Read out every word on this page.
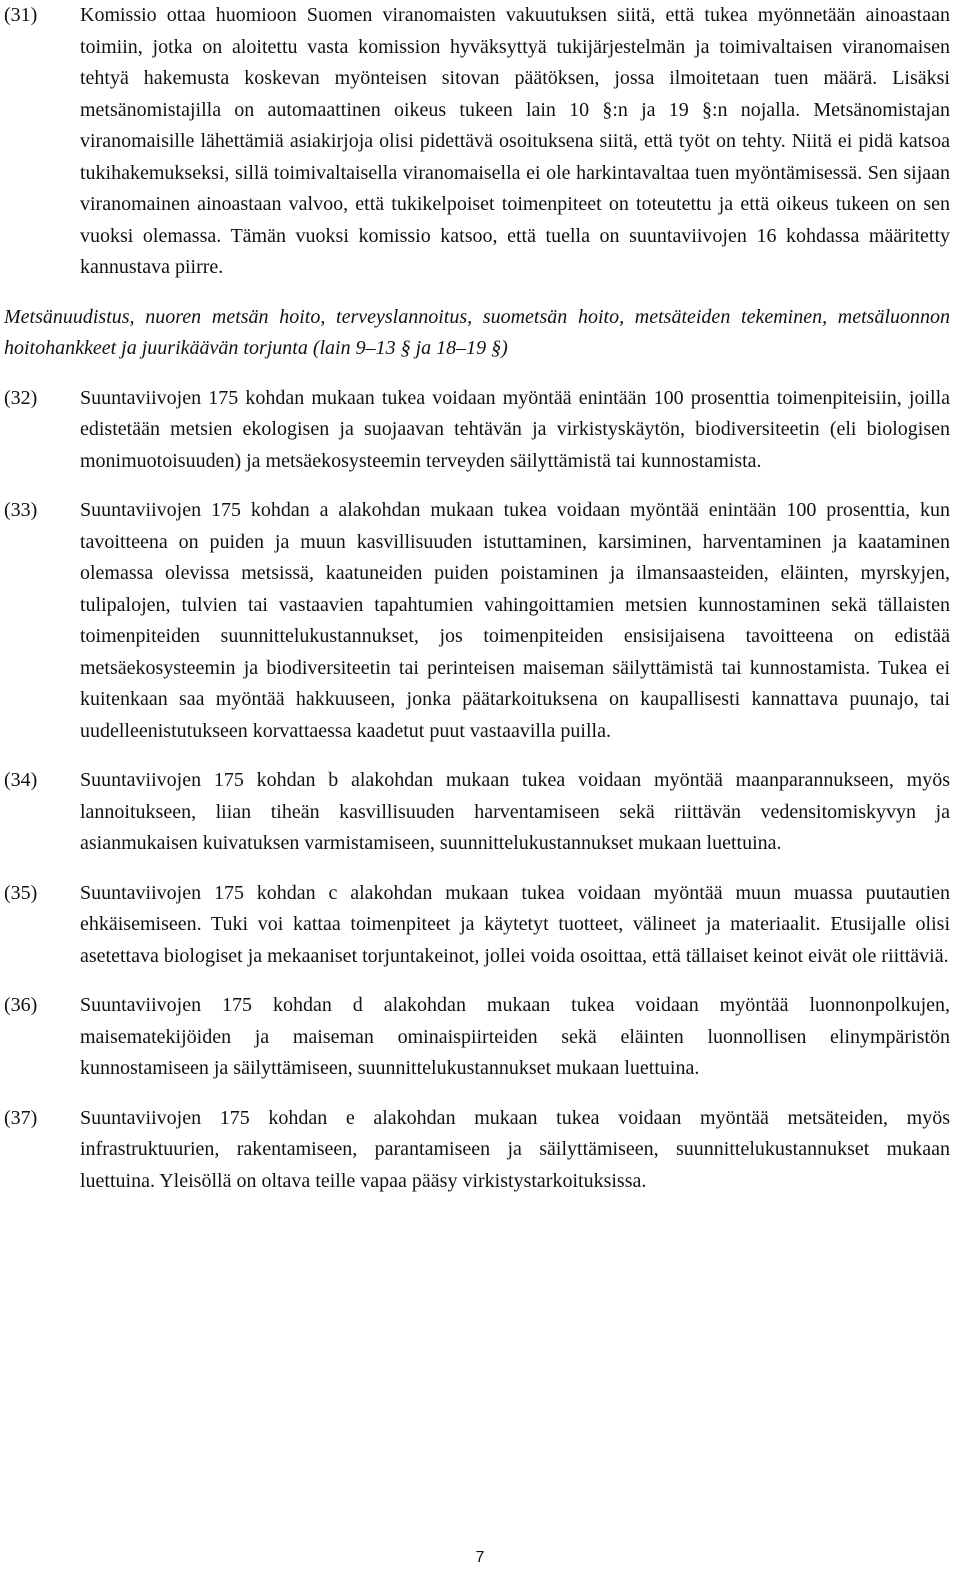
(31)	Komissio ottaa huomioon Suomen viranomaisten vakuutuksen siitä, että tukea myönnetään ainoastaan toimiin, jotka on aloitettu vasta komission hyväksyttyä tukijärjestelmän ja toimivaltaisen viranomaisen tehtyä hakemusta koskevan myönteisen sitovan päätöksen, jossa ilmoitetaan tuen määrä. Lisäksi metsänomistajilla on automaattinen oikeus tukeen lain 10 §:n ja 19 §:n nojalla. Metsänomistajan viranomaisille lähettämiä asiakirjoja olisi pidettävä osoituksena siitä, että työt on tehty. Niitä ei pidä katsoa tukihakemukseksi, sillä toimivaltaisella viranomaisella ei ole harkintavaltaa tuen myöntämisessä. Sen sijaan viranomainen ainoastaan valvoo, että tukikelpoiset toimenpiteet on toteutettu ja että oikeus tukeen on sen vuoksi olemassa. Tämän vuoksi komissio katsoo, että tuella on suuntaviivojen 16 kohdassa määritetty kannustava piirre.

Metsänuudistus, nuoren metsän hoito, terveyslannoitus, suometsän hoito, metsäteiden tekeminen, metsäluonnon hoitohankkeet ja juurikäävän torjunta (lain 9–13 § ja 18–19 §)

(32)	Suuntaviivojen 175 kohdan mukaan tukea voidaan myöntää enintään 100 prosenttia toimenpiteisiin, joilla edistetään metsien ekologisen ja suojaavan tehtävän ja virkistyskäytön, biodiversiteetin (eli biologisen monimuotoisuuden) ja metsäekosysteemin terveyden säilyttämistä tai kunnostamista.

(33)	Suuntaviivojen 175 kohdan a alakohdan mukaan tukea voidaan myöntää enintään 100 prosenttia, kun tavoitteena on puiden ja muun kasvillisuuden istuttaminen, karsiminen, harventaminen ja kaataminen olemassa olevissa metsissä, kaatuneiden puiden poistaminen ja ilmansaasteiden, eläinten, myrskyjen, tulipalojen, tulvien tai vastaavien tapahtumien vahingoittamien metsien kunnostaminen sekä tällaisten toimenpiteiden suunnittelukustannukset, jos toimenpiteiden ensisijaisena tavoitteena on edistää metsäekosysteemin ja biodiversiteetin tai perinteisen maiseman säilyttämistä tai kunnostamista. Tukea ei kuitenkaan saa myöntää hakkuuseen, jonka päätarkoituksena on kaupallisesti kannattava puunajo, tai uudelleenistutukseen korvattaessa kaadetut puut vastaavilla puilla.

(34)	Suuntaviivojen 175 kohdan b alakohdan mukaan tukea voidaan myöntää maanparannukseen, myös lannoitukseen, liian tiheän kasvillisuuden harventamiseen sekä riittävän vedensitomiskyvyn ja asianmukaisen kuivatuksen varmistamiseen, suunnittelukustannukset mukaan luettuina.

(35)	Suuntaviivojen 175 kohdan c alakohdan mukaan tukea voidaan myöntää muun muassa puutautien ehkäisemiseen. Tuki voi kattaa toimenpiteet ja käytetyt tuotteet, välineet ja materiaalit. Etusijalle olisi asetettava biologiset ja mekaaniset torjuntakeinot, jollei voida osoittaa, että tällaiset keinot eivät ole riittäviä.

(36)	Suuntaviivojen 175 kohdan d alakohdan mukaan tukea voidaan myöntää luonnonpolkujen, maisematekijöiden ja maiseman ominaispiirteiden sekä eläinten luonnollisen elinympäristön kunnostamiseen ja säilyttämiseen, suunnittelukustannukset mukaan luettuina.

(37)	Suuntaviivojen 175 kohdan e alakohdan mukaan tukea voidaan myöntää metsäteiden, myös infrastruktuurien, rakentamiseen, parantamiseen ja säilyttämiseen, suunnittelukustannukset mukaan luettuina. Yleisöllä on oltava teille vapaa pääsy virkistystarkoituksissa.

7
